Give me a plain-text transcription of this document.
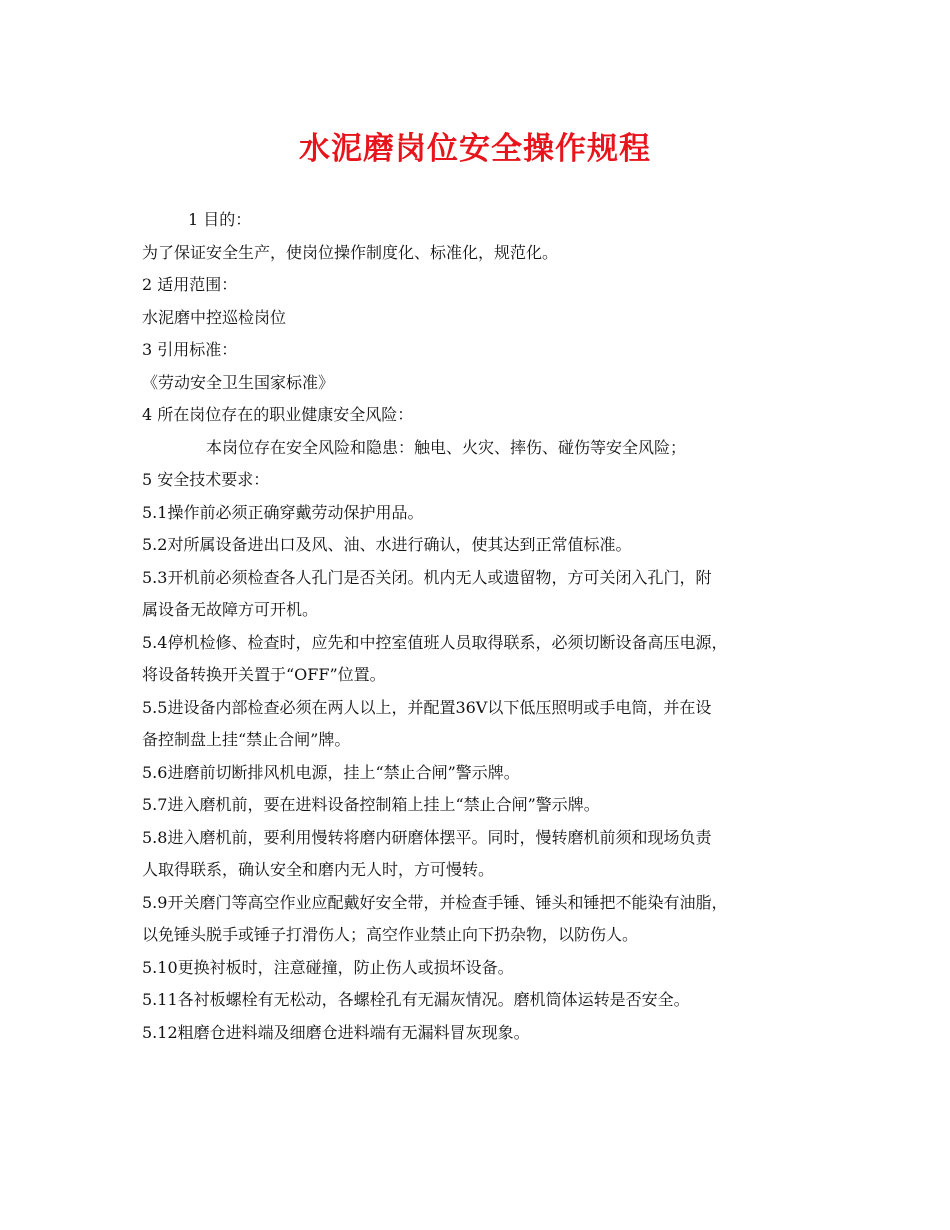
水泥磨岗位安全操作规程

1 目的：

为了保证安全生产，使岗位操作制度化、标准化，规范化。

2 适用范围：

水泥磨中控巡检岗位

3 引用标准：

《劳动安全卫生国家标准》

4 所在岗位存在的职业健康安全风险：

本岗位存在安全风险和隐患：触电、火灾、摔伤、碰伤等安全风险；

5 安全技术要求：

5.1操作前必须正确穿戴劳动保护用品。

5.2对所属设备进出口及风、油、水进行确认，使其达到正常值标准。

5.3开机前必须检查各人孔门是否关闭。机内无人或遗留物，方可关闭入孔门，附

属设备无故障方可开机。

5.4停机检修、检查时，应先和中控室值班人员取得联系，必须切断设备高压电源，

将设备转换开关置于“OFF”位置。

5.5进设备内部检查必须在两人以上，并配置36V以下低压照明或手电筒，并在设

备控制盘上挂“禁止合闸”牌。

5.6进磨前切断排风机电源，挂上“禁止合闸”警示牌。

5.7进入磨机前，要在进料设备控制箱上挂上“禁止合闸”警示牌。

5.8进入磨机前，要利用慢转将磨内研磨体摆平。同时，慢转磨机前须和现场负责

人取得联系，确认安全和磨内无人时，方可慢转。

5.9开关磨门等高空作业应配戴好安全带，并检查手锤、锤头和锤把不能染有油脂，

以免锤头脱手或锤子打滑伤人；高空作业禁止向下扔杂物，以防伤人。

5.10更换衬板时，注意碰撞，防止伤人或损坏设备。

5.11各衬板螺栓有无松动，各螺栓孔有无漏灰情况。磨机筒体运转是否安全。

5.12粗磨仓进料端及细磨仓进料端有无漏料冒灰现象。
